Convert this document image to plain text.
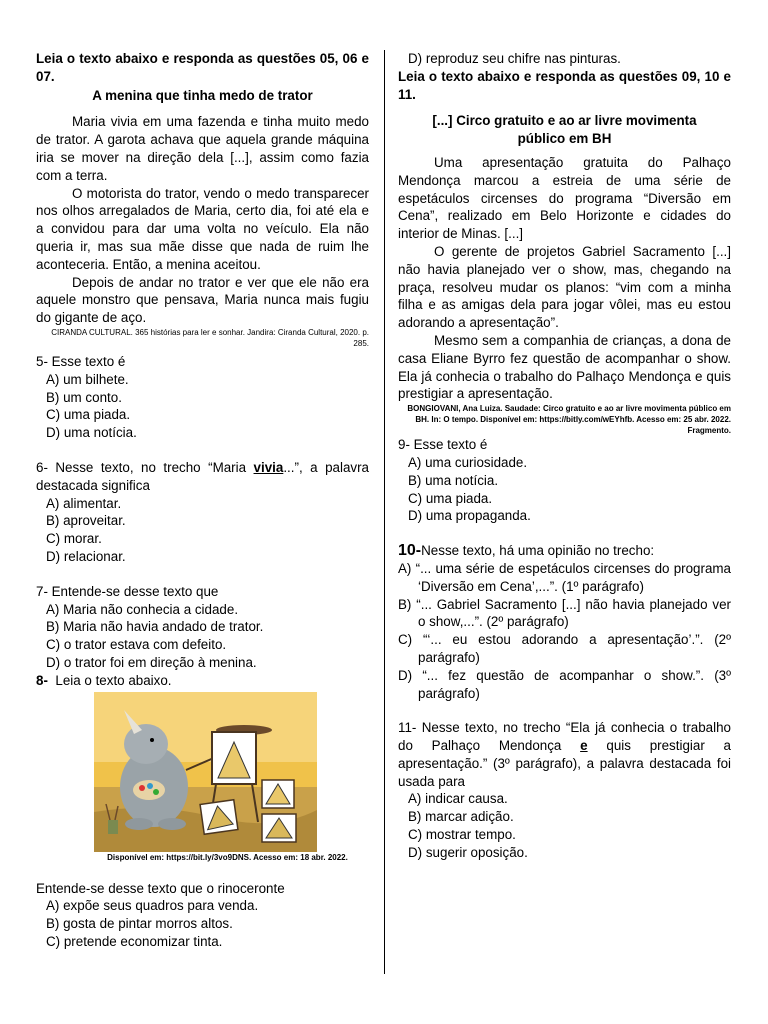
Leia o texto abaixo e responda as questões 05, 06 e 07.

A menina que tinha medo de trator

Maria vivia em uma fazenda e tinha muito medo de trator. A garota achava que aquela grande máquina iria se mover na direção dela [...], assim como fazia com a terra.

O motorista do trator, vendo o medo transparecer nos olhos arregalados de Maria, certo dia, foi até ela e a convidou para dar uma volta no veículo. Ela não queria ir, mas sua mãe disse que nada de ruim lhe aconteceria. Então, a menina aceitou.

Depois de andar no trator e ver que ele não era aquele monstro que pensava, Maria nunca mais fugiu do gigante de aço.

CIRANDA CULTURAL. 365 histórias para ler e sonhar. Jandira: Ciranda Cultural, 2020. p. 285.

5- Esse texto é

A) um bilhete.

B) um conto.

C) uma piada.

D) uma notícia.

6- Nesse texto, no trecho “Maria vivia...”, a palavra destacada significa

A) alimentar.

B) aproveitar.

C) morar.

D) relacionar.

7- Entende-se desse texto que

A) Maria não conhecia a cidade.

B) Maria não havia andado de trator.

C) o trator estava com defeito.

D) o trator foi em direção à menina.

8- Leia o texto abaixo.

Disponível em: https://bit.ly/3vo9DNS. Acesso em: 18 abr. 2022.

Entende-se desse texto que o rinoceronte

A) expõe seus quadros para venda.

B) gosta de pintar morros altos.

C) pretende economizar tinta.

D) reproduz seu chifre nas pinturas.

Leia o texto abaixo e responda as questões 09, 10 e 11.

[...] Circo gratuito e ao ar livre movimenta público em BH

Uma apresentação gratuita do Palhaço Mendonça marcou a estreia de uma série de espetáculos circenses do programa “Diversão em Cena”, realizado em Belo Horizonte e cidades do interior de Minas. [...]

O gerente de projetos Gabriel Sacramento [...] não havia planejado ver o show, mas, chegando na praça, resolveu mudar os planos: “vim com a minha filha e as amigas dela para jogar vôlei, mas eu estou adorando a apresentação”.

Mesmo sem a companhia de crianças, a dona de casa Eliane Byrro fez questão de acompanhar o show. Ela já conhecia o trabalho do Palhaço Mendonça e quis prestigiar a apresentação.

BONGIOVANI, Ana Luiza. Saudade: Circo gratuito e ao ar livre movimenta público em BH. In: O tempo. Disponível em: https://bitly.com/wEYhfb. Acesso em: 25 abr. 2022. Fragmento.

9- Esse texto é

A) uma curiosidade.

B) uma notícia.

C) uma piada.

D) uma propaganda.

10-Nesse texto, há uma opinião no trecho:

A) “... uma série de espetáculos circenses do programa ‘Diversão em Cena’,...”. (1º parágrafo)

B) “... Gabriel Sacramento [...] não havia planejado ver o show,...”. (2º parágrafo)

C) “‘... eu estou adorando a apresentação’.”. (2º parágrafo)

D) “... fez questão de acompanhar o show.”. (3º parágrafo)

11- Nesse texto, no trecho “Ela já conhecia o trabalho do Palhaço Mendonça e quis prestigiar a apresentação.” (3º parágrafo), a palavra destacada foi usada para

A) indicar causa.

B) marcar adição.

C) mostrar tempo.

D) sugerir oposição.
